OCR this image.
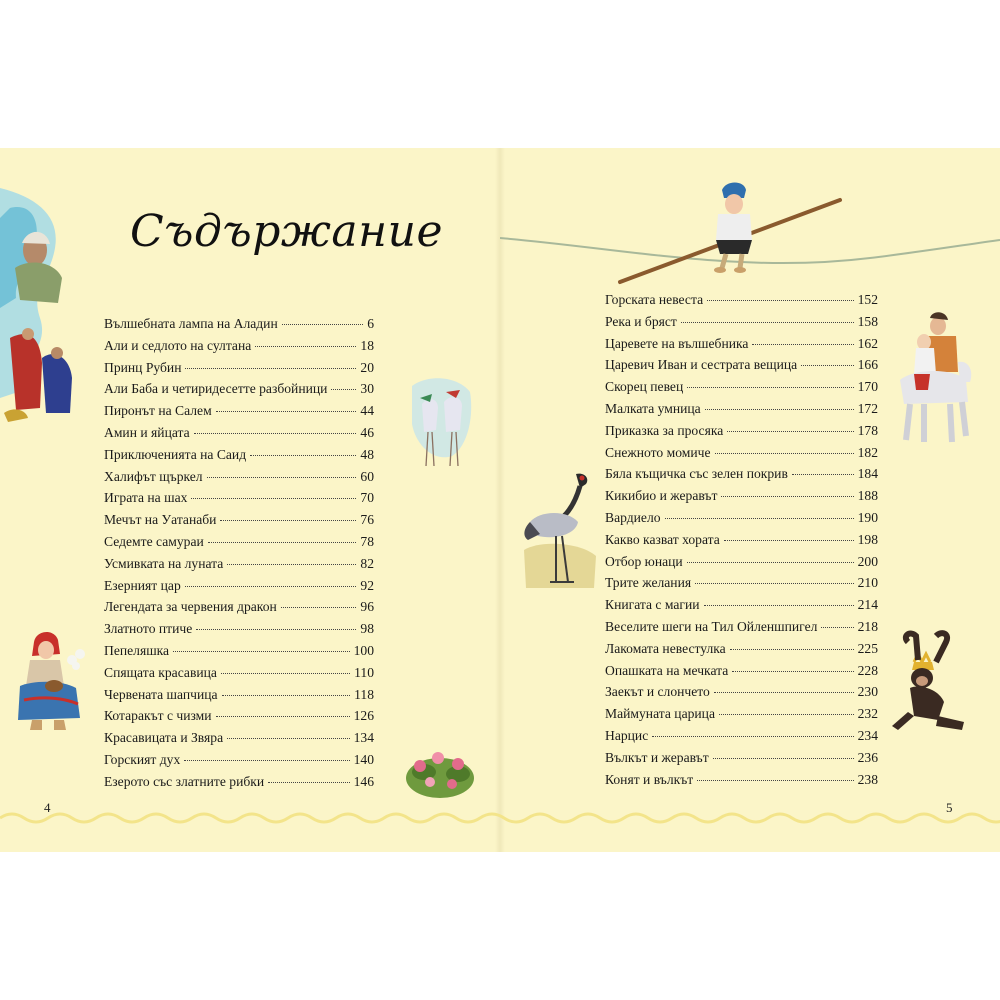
Съдържание
Вълшебната лампа на Аладин	6
Али и седлото на султана	18
Принц Рубин	20
Али Баба и четиридесетте разбойници 30
Пиронът на Салем	44
Амин и яйцата	46
Приключенията на Саид	48
Халифът щъркел	60
Играта на шах	70
Мечът на Уатанаби	76
Седемте самураи	78
Усмивката на луната	82
Езерният цар	92
Легендата за червения дракон	96
Златното птиче	98
Пепеляшка	100
Спящата красавица	110
Червената шапчица	118
Котаракът с чизми	126
Красавицата и Звяра	134
Горският дух	140
Езерото със златните рибки	146
4
Горската невеста	152
Река и бряст	158
Царевете на вълшебника	162
Царевич Иван и сестрата вещица	166
Скорец певец	170
Малката умница	172
Приказка за просяка	178
Снежното момиче	182
Бяла къщичка със зелен покрив	184
Кикибио и жеравът	188
Вардиело	190
Какво казват хората	198
Отбор юнаци	200
Трите желания	210
Книгата с магии	214
Веселите шеги на Тил Ойленшпигел	218
Лакомата невестулка	225
Опашката на мечката	228
Заекът и слончето	230
Маймуната царица	232
Нарцис	234
Вълкът и жеравът	236
Конят и вълкът	238
5
